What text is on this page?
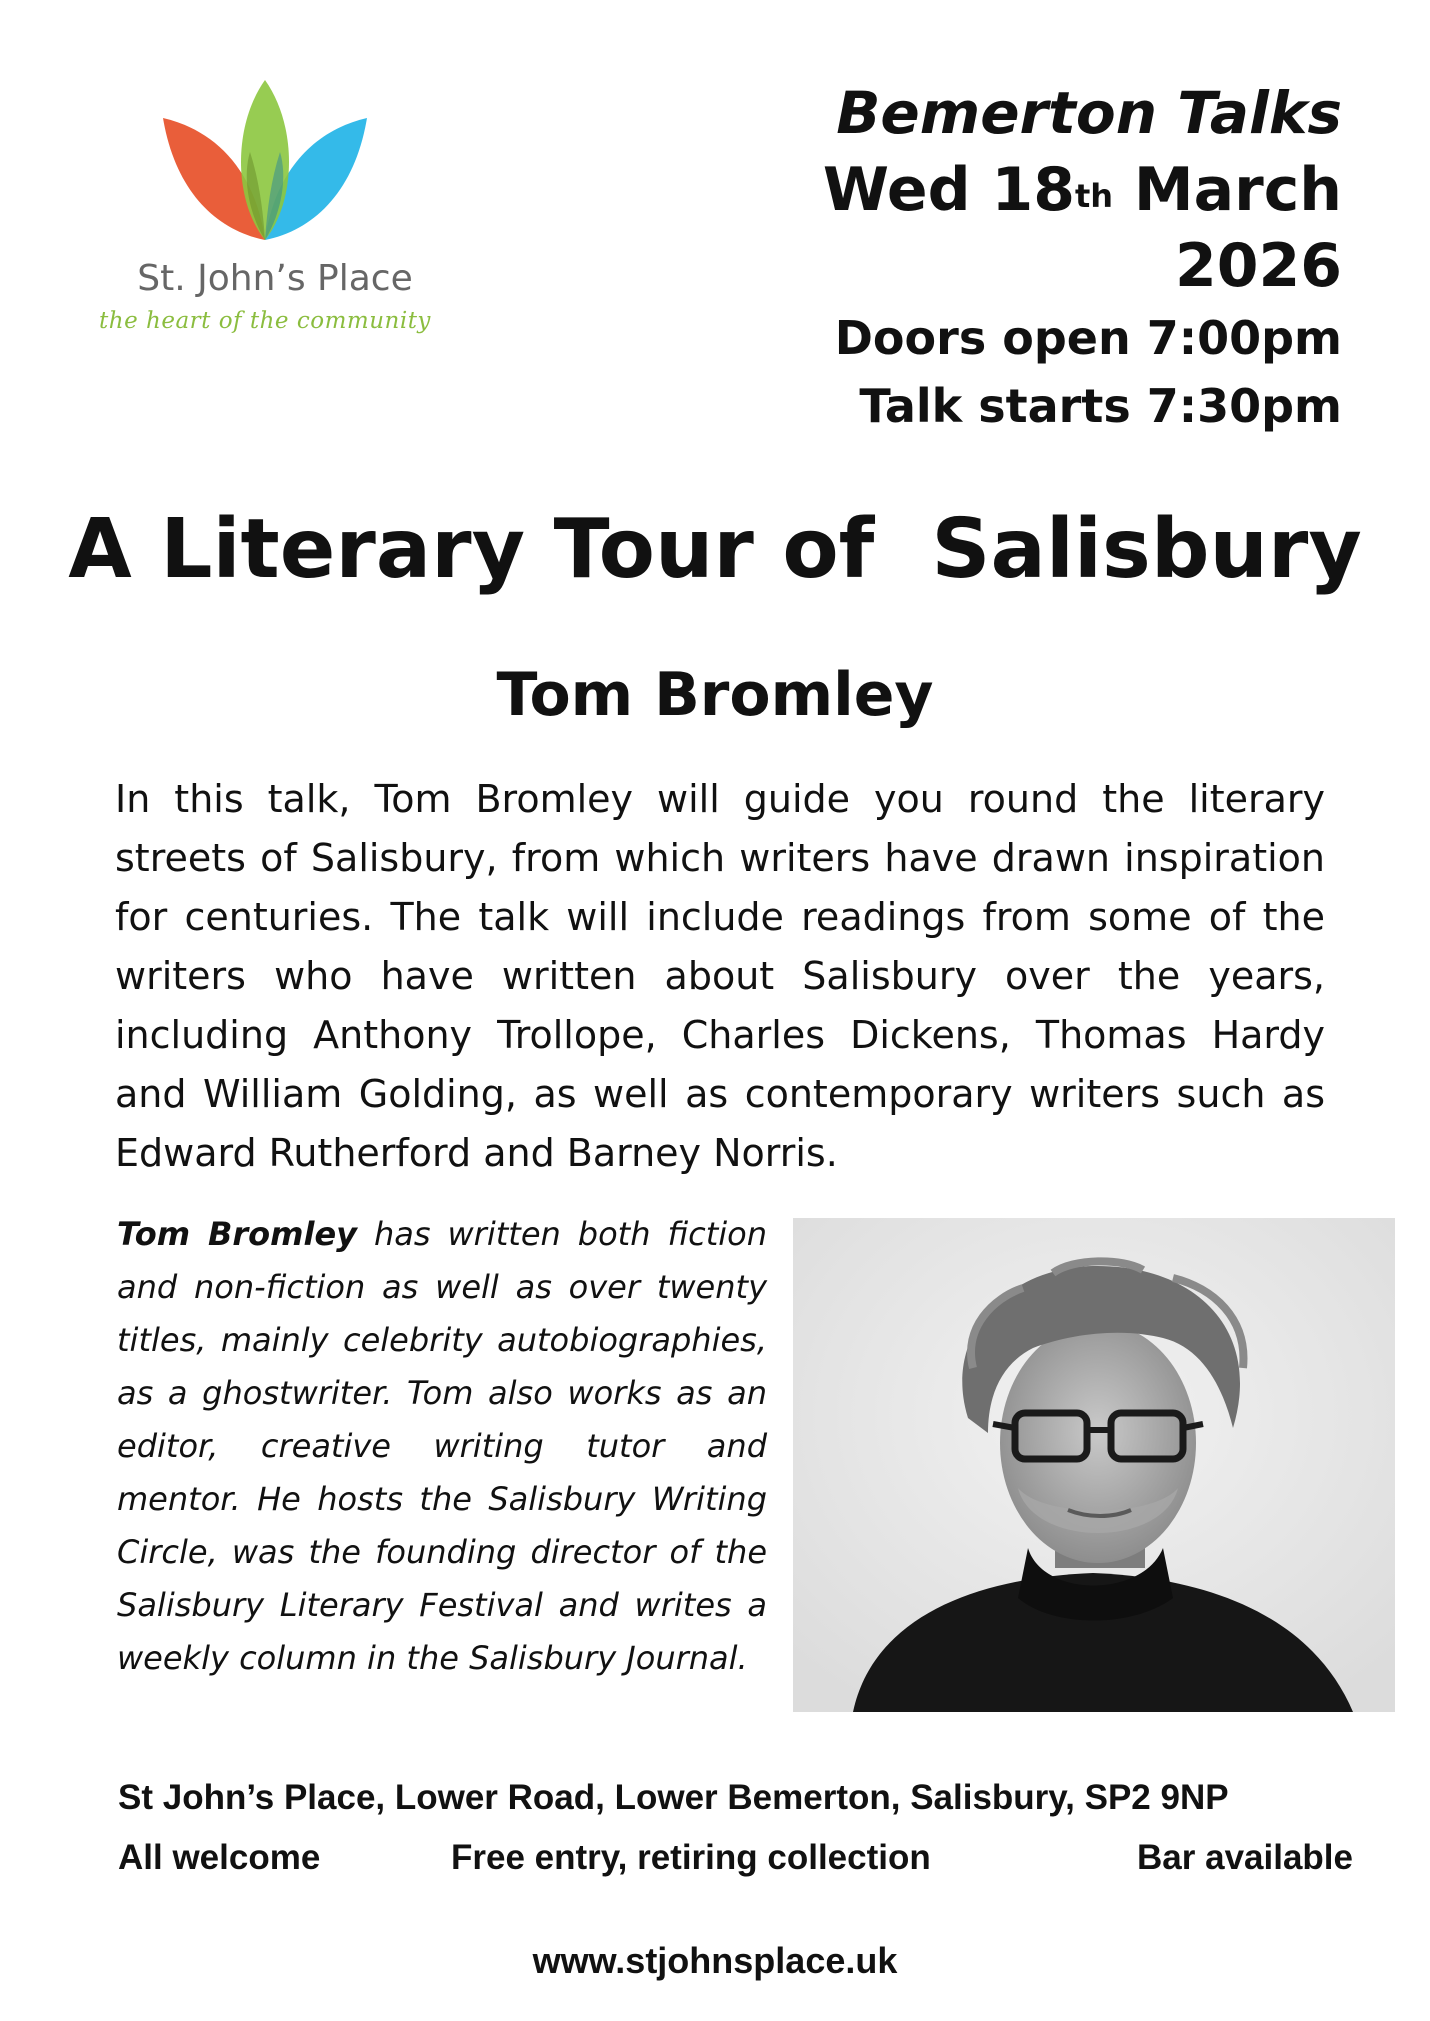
St. John’s Place
the heart of the community
Bemerton Talks
Wed 18th March 2026
Doors open 7:00pm
Talk starts 7:30pm
A Literary Tour of  Salisbury
Tom Bromley

In this talk, Tom Bromley will guide you round the literary streets of Salisbury, from which writers have drawn inspiration for centuries. The talk will include readings from some of the writers who have written about Salisbury over the years, including Anthony Trollope, Charles Dickens, Thomas Hardy and William Golding, as well as contemporary writers such as Edward Rutherford and Barney Norris.

Tom Bromley has written both fiction and non-fiction as well as over twenty titles, mainly celebrity autobiographies, as a ghostwriter. Tom also works as an editor, creative writing tutor and mentor. He hosts the Salisbury Writing Circle, was the founding director of the Salisbury Literary Festival and writes a weekly column in the Salisbury Journal.

St John’s Place, Lower Road, Lower Bemerton, Salisbury, SP2 9NP
All welcome	Free entry, retiring collection	Bar available
www.stjohnsplace.uk
